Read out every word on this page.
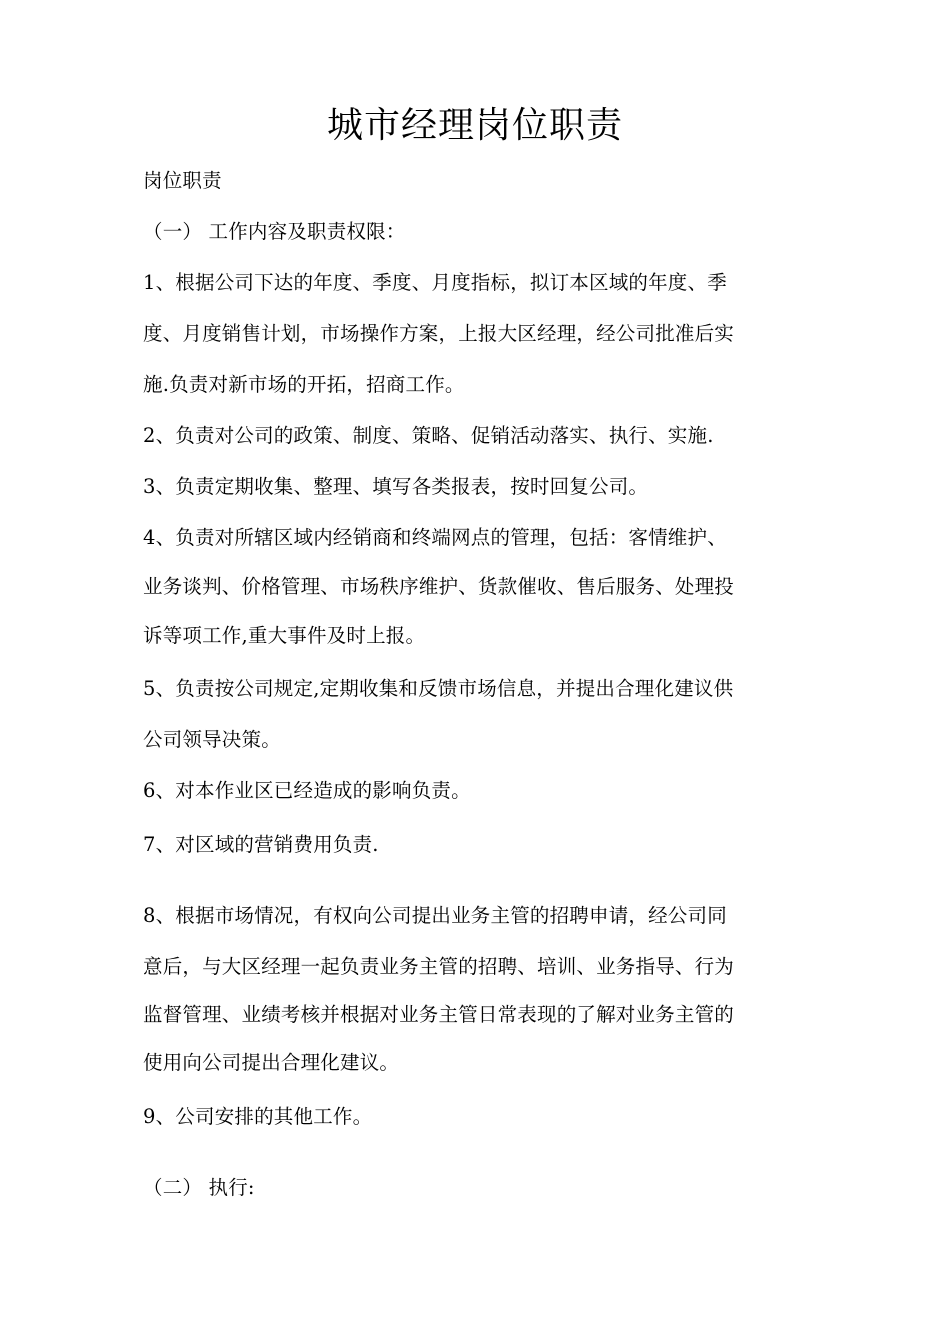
城市经理岗位职责
岗位职责
（一） 工作内容及职责权限：
1、根据公司下达的年度、季度、月度指标，拟订本区域的年度、季
度、月度销售计划，市场操作方案，上报大区经理，经公司批准后实
施.负责对新市场的开拓，招商工作。
2、负责对公司的政策、制度、策略、促销活动落实、执行、实施.
3、负责定期收集、整理、填写各类报表，按时回复公司。
4、负责对所辖区域内经销商和终端网点的管理，包括：客情维护、
业务谈判、价格管理、市场秩序维护、货款催收、售后服务、处理投
诉等项工作,重大事件及时上报。
5、负责按公司规定,定期收集和反馈市场信息，并提出合理化建议供
公司领导决策。
6、对本作业区已经造成的影响负责。
7、对区域的营销费用负责.
8、根据市场情况，有权向公司提出业务主管的招聘申请，经公司同
意后，与大区经理一起负责业务主管的招聘、培训、业务指导、行为
监督管理、业绩考核并根据对业务主管日常表现的了解对业务主管的
使用向公司提出合理化建议。
9、公司安排的其他工作。
（二） 执行:
